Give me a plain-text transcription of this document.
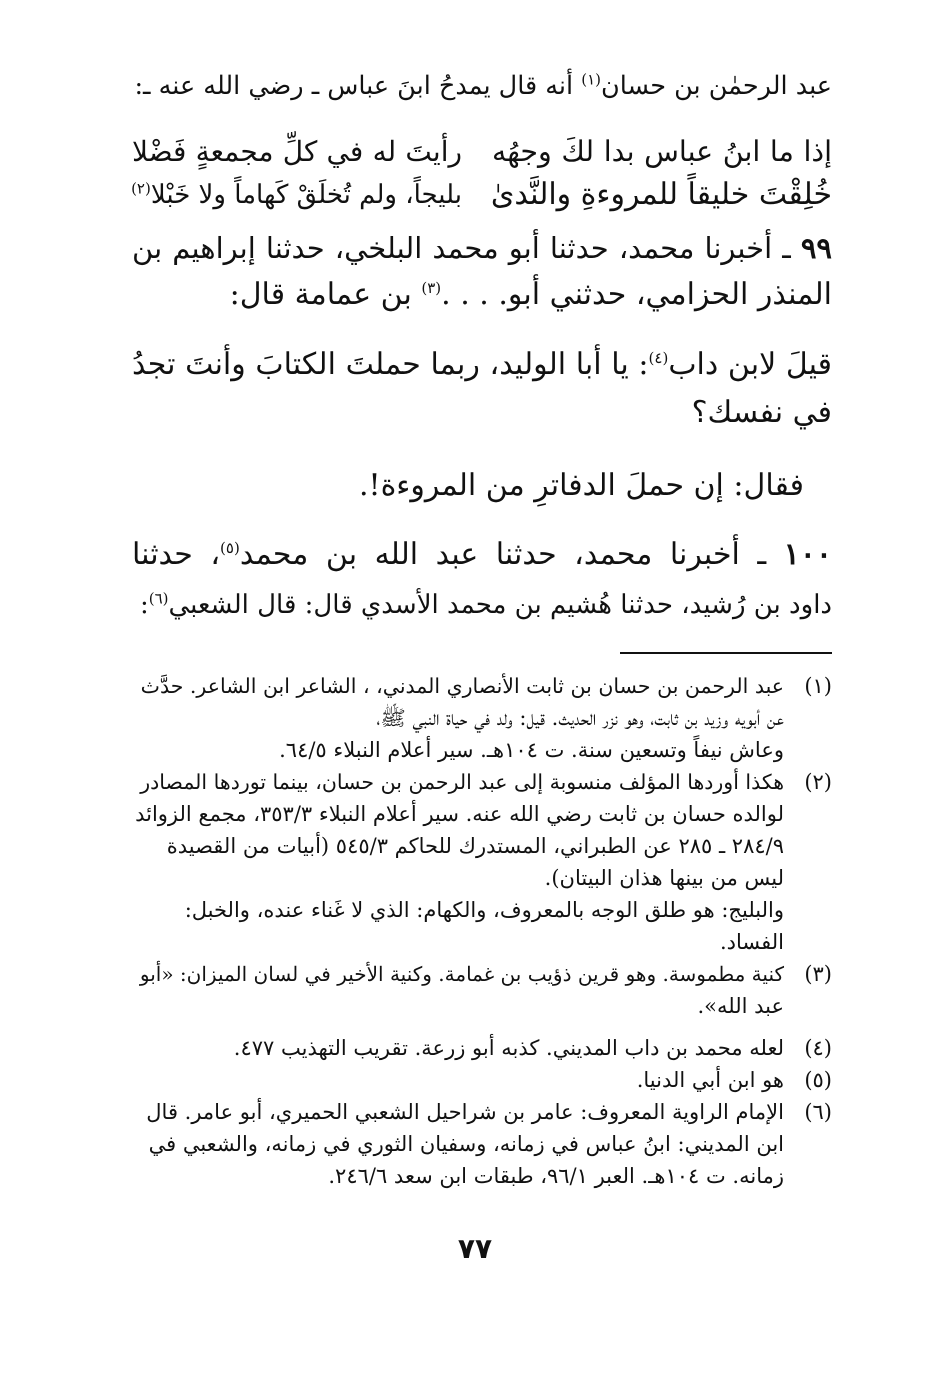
عبد الرحمٰن بن حسان$^{(١)}$ أنه قال يمدحُ ابنَ عباس ـ رضي الله عنه ـ:
إذا ما ابنُ عباس بدا لكَ وجهُه
رأيتَ له في كلِّ مجمعةٍ فَضْلا
خُلِقْتَ خليقاً للمروءةِ والنَّدىٰ
بليجاً، ولم تُخلَقْ كَهاماً ولا خَبْلا$^{(٢)}$
٩٩ ـ أخبرنا محمد، حدثنا أبو محمد البلخي، حدثنا إبراهيم بن
المنذر الحزامي، حدثني أبو. . . .$^{(٣)}$ بن عمامة قال:
قيلَ لابن داب$^{(٤)}$: يا أبا الوليد، ربما حملتَ الكتابَ وأنتَ تجدُ
في نفسك؟
فقال: إن حملَ الدفاترِ من المروءة!.
١٠٠ ـ أخبرنا محمد، حدثنا عبد الله بن محمد$^{(٥)}$، حدثنا
داود بن رُشيد، حدثنا هُشيم بن محمد الأسدي قال: قال الشعبي$^{(٦)}$:
(١)
عبد الرحمن بن حسان بن ثابت الأنصاري المدني، ، الشاعر ابن الشاعر. حدَّث
عن أبويه وزيد بن ثابت، وهو نزر الحديث. قيل: ولد في حياة النبي ﷺ،
وعاش نيفاً وتسعين سنة. ت ١٠٤هـ. سير أعلام النبلاء ٦٤/٥.
(٢)
هكذا أوردها المؤلف منسوبة إلى عبد الرحمن بن حسان، بينما توردها المصادر
لوالده حسان بن ثابت رضي الله عنه. سير أعلام النبلاء ٣٥٣/٣، مجمع الزوائد
٢٨٤/٩ ـ ٢٨٥ عن الطبراني، المستدرك للحاكم ٥٤٥/٣ (أبيات من القصيدة
ليس من بينها هذان البيتان).
والبليج: هو طلق الوجه بالمعروف، والكهام: الذي لا غَناء عنده، والخبل:
الفساد.
(٣)
كنية مطموسة. وهو قرين ذؤيب بن غمامة. وكنية الأخير في لسان الميزان: «أبو
عبد الله».
(٤)
لعله محمد بن داب المديني. كذبه أبو زرعة. تقريب التهذيب ٤٧٧.
(٥)
هو ابن أبي الدنيا.
(٦)
الإمام الراوية المعروف: عامر بن شراحيل الشعبي الحميري، أبو عامر. قال
ابن المديني: ابنُ عباس في زمانه، وسفيان الثوري في زمانه، والشعبي في
زمانه. ت ١٠٤هـ. العبر ٩٦/١، طبقات ابن سعد ٢٤٦/٦.
٧٧
